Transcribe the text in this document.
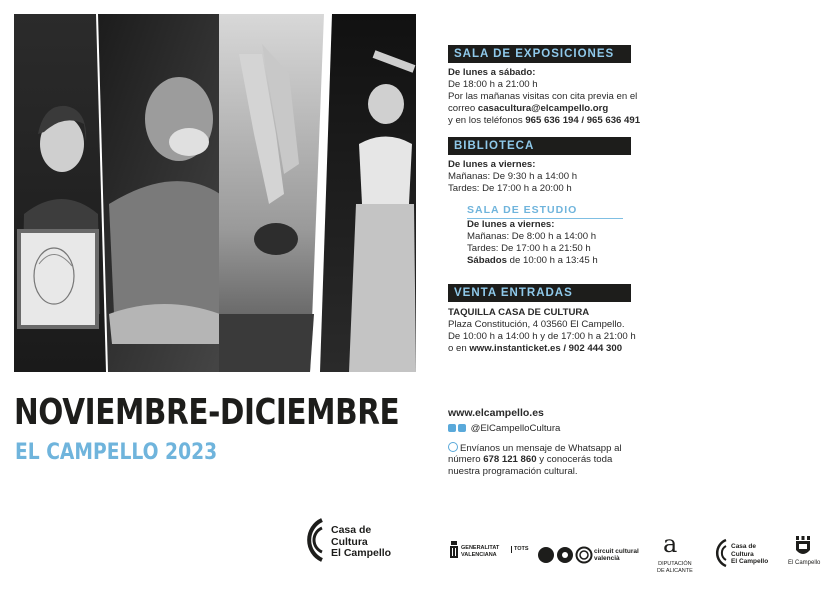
NOVIEMBRE-DICIEMBRE
EL CAMPELLO 2023
SALA DE EXPOSICIONES
De lunes a sábado:
De 18:00 h a 21:00 h
Por las mañanas visitas con cita previa en el
correo casacultura@elcampello.org
y en los teléfonos 965 636 194 / 965 636 491
BIBLIOTECA
De lunes a viernes:
Mañanas: De 9:30 h a 14:00 h
Tardes: De 17:00 h a 20:00 h
SALA DE ESTUDIO
De lunes a viernes:
Mañanas: De 8:00 h a 14:00 h
Tardes: De 17:00 h a 21:50 h
Sábados de 10:00 h a 13:45 h
VENTA ENTRADAS
TAQUILLA CASA DE CULTURA
Plaza Constitución, 4 03560 El Campello.
De 10:00 h a 14:00 h y de 17:00 h a 21:00 h
o en www.instanticket.es / 902 444 300
www.elcampello.es
@ElCampelloCultura
Envíanos un mensaje de Whatsapp al
número 678 121 860 y conocerás toda
nuestra programación cultural.
Casa de
Cultura
El Campello	GENERALITAT
VALENCIANA
TOTS	circuit cultural
valencià
a
DIPUTACIÓN
DE ALICANTE
Casa de
Cultura
El Campello	El Campello
